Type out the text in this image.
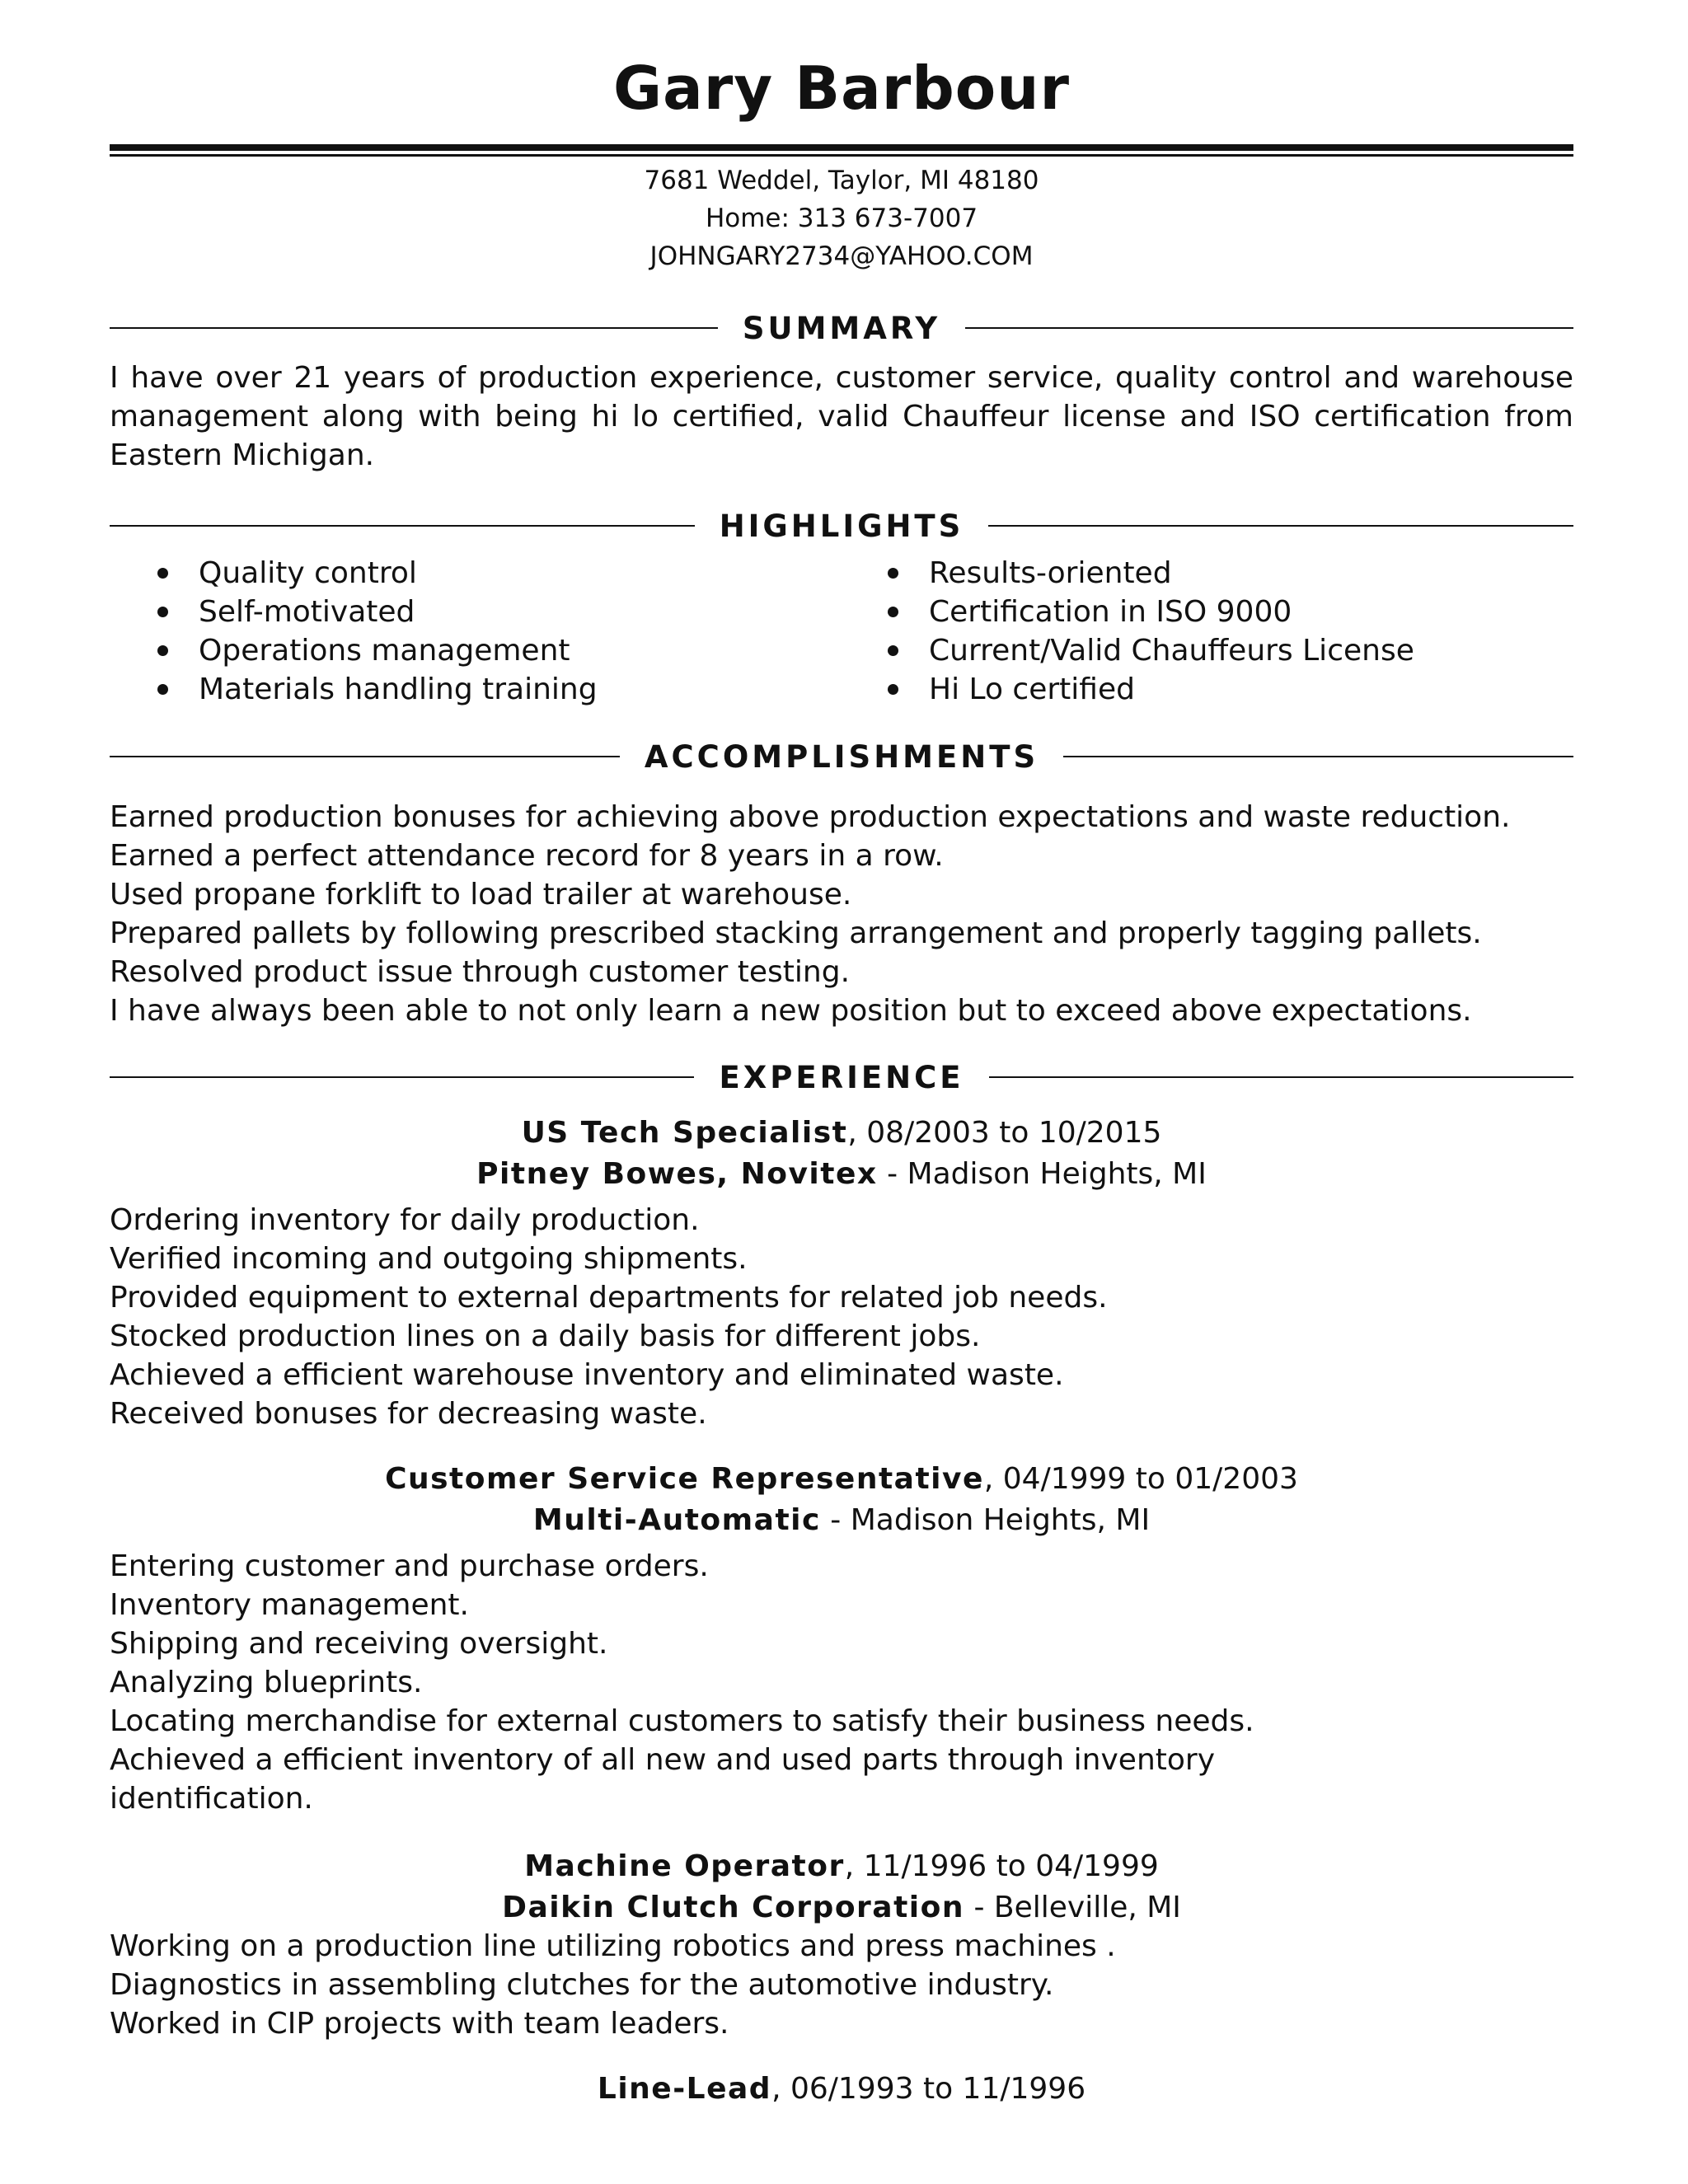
Gary Barbour
7681 Weddel, Taylor, MI 48180
Home: 313 673-7007
JOHNGARY2734@YAHOO.COM
SUMMARY
I have over 21 years of production experience, customer service, quality control and warehouse management along with being hi lo certified, valid Chauffeur license and ISO certification from Eastern Michigan.
HIGHLIGHTS
Quality control
Self-motivated
Operations management
Materials handling training
Results-oriented
Certification in ISO 9000
Current/Valid Chauffeurs License
Hi Lo certified
ACCOMPLISHMENTS
Earned production bonuses for achieving above production expectations and waste reduction.
Earned a perfect attendance record for 8 years in a row.
Used propane forklift to load trailer at warehouse.
Prepared pallets by following prescribed stacking arrangement and properly tagging pallets.
Resolved product issue through customer testing.
I have always been able to not only learn a new position but to exceed above expectations.
EXPERIENCE
US Tech Specialist, 08/2003 to 10/2015
Pitney Bowes, Novitex - Madison Heights, MI
Ordering inventory for daily production.
Verified incoming and outgoing shipments.
Provided equipment to external departments for related job needs.
Stocked production lines on a daily basis for different jobs.
Achieved a efficient warehouse inventory and eliminated waste.
Received bonuses for decreasing waste.
Customer Service Representative, 04/1999 to 01/2003
Multi-Automatic - Madison Heights, MI
Entering customer and purchase orders.
Inventory management.
Shipping and receiving oversight.
Analyzing blueprints.
Locating merchandise for external customers to satisfy their business needs.
Achieved a efficient inventory of all new and used parts through inventory
identification.
Machine Operator, 11/1996 to 04/1999
Daikin Clutch Corporation - Belleville, MI
Working on a production line utilizing robotics and press machines .
Diagnostics in assembling clutches for the automotive industry.
Worked in CIP projects with team leaders.
Line-Lead, 06/1993 to 11/1996
